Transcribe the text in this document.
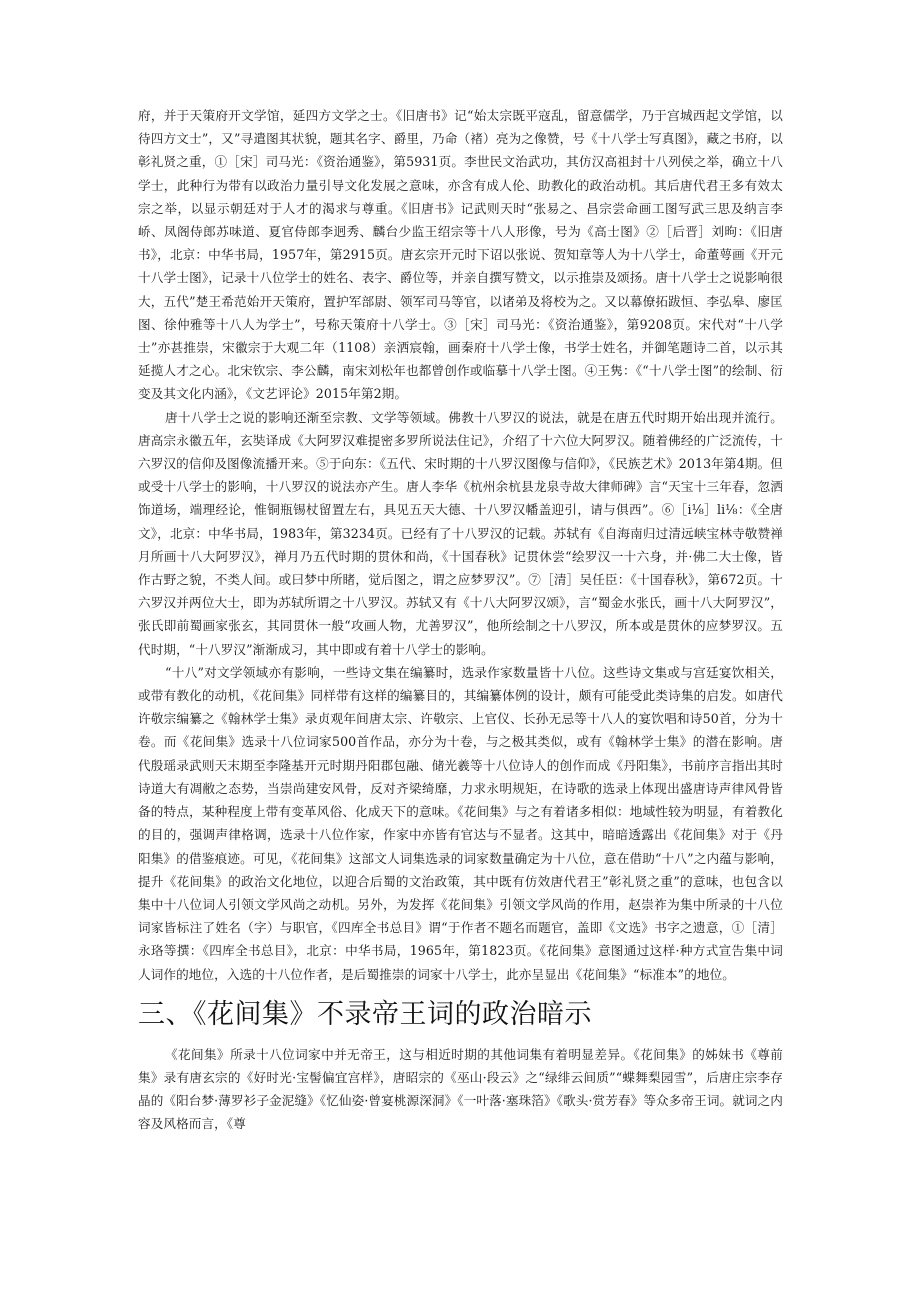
府，并于天策府开文学馆，延四方文学之士。《旧唐书》记“始太宗既平寇乱，留意儒学，乃于宫城西起文学馆，以待四方文士”，又”寻遣图其状貌，题其名字、爵里，乃命（褚）亮为之像赞，号《十八学士写真图》，藏之书府，以彰礼贤之重，①［宋］司马光：《资治通鉴》，第5931页。李世民文治武功，其仿汉高祖封十八列侯之举，确立十八学士，此种行为带有以政治力量引导文化发展之意味，亦含有成人伦、助教化的政治动机。其后唐代君王多有效太宗之举，以显示朝廷对于人才的渴求与尊重。《旧唐书》记武则天时“张易之、昌宗尝命画工图写武三思及纳言李峤、凤阁侍郎苏味道、夏官侍郎李迥秀、麟台少监王绍宗等十八人形像，号为《高士图》②［后晋］刘昫：《旧唐书》，北京：中华书局，1957年，第2915页。唐玄宗开元时下诏以张说、贺知章等人为十八学士，命董萼画《开元十八学士图》，记录十八位学士的姓名、表字、爵位等，并亲自撰写赞文，以示推崇及颂扬。唐十八学士之说影响很大，五代”楚王希范始开天策府，置护军部尉、领军司马等官，以诸弟及将校为之。又以幕僚拓跋恒、李弘皋、廖匡图、徐仲雅等十八人为学士”，号称天策府十八学士。③［宋］司马光：《资治通鉴》，第9208页。宋代对“十八学士”亦甚推崇，宋徽宗于大观二年（1108）亲洒宸翰，画秦府十八学士像，书学士姓名，并御笔题诗二首，以示其延揽人才之心。北宋钦宗、李公麟，南宋刘松年也都曾创作或临摹十八学士图。④王隽：《“十八学士图”的绘制、衍变及其文化内涵》，《文艺评论》2015年第2期。

唐十八学士之说的影响还渐至宗教、文学等领域。佛教十八罗汉的说法，就是在唐五代时期开始出现并流行。唐高宗永徽五年，玄奘译成《大阿罗汉难提密多罗所说法住记》，介绍了十六位大阿罗汉。随着佛经的广泛流传，十六罗汉的信仰及图像流播开来。⑤于向东：《五代、宋时期的十八罗汉图像与信仰》，《民族艺术》2013年第4期。但或受十八学士的影响，十八罗汉的说法亦产生。唐人李华《杭州余杭县龙泉寺故大律师碑》言“天宝十三年春，忽洒饰道场，端理经论，惟铜瓶锡杖留置左右，具见五天大德、十八罗汉幡盖迎引，请与俱西”。⑥［i⅛］li⅛：《全唐文》，北京：中华书局，1983年，第3234页。已经有了十八罗汉的记载。苏轼有《自海南归过清远峡宝林寺敬赞禅月所画十八大阿罗汉》，禅月乃五代时期的贯休和尚，《十国春秋》记贯休尝“绘罗汉一十六身，并·佛二大士像，皆作古野之貌，不类人间。或曰梦中所睹，觉后图之，谓之应梦罗汉”。⑦［清］吴任臣：《十国春秋》，第672页。十六罗汉并两位大士，即为苏轼所谓之十八罗汉。苏轼又有《十八大阿罗汉颂》，言“蜀金水张氏，画十八大阿罗汉”，张氏即前蜀画家张玄，其同贯休一般“攻画人物，尤善罗汉”，他所绘制之十八罗汉，所本或是贯休的应梦罗汉。五代时期，“十八罗汉”渐渐成习，其中即或有着十八学士的影响。

“十八”对文学领域亦有影响，一些诗文集在编纂时，选录作家数量皆十八位。这些诗文集或与宫廷宴饮相关，或带有教化的动机，《花间集》同样带有这样的编纂目的，其编纂体例的设计，颇有可能受此类诗集的启发。如唐代许敬宗编纂之《翰林学士集》录贞观年间唐太宗、许敬宗、上官仪、长孙无忌等十八人的宴饮唱和诗50首，分为十卷。而《花间集》选录十八位词家500首作品，亦分为十卷，与之极其类似，或有《翰林学士集》的潜在影响。唐代殷瑶录武则天末期至李隆基开元时期丹阳郡包融、储光羲等十八位诗人的创作而成《丹阳集》，书前序言指出其时诗道大有凋敝之态势，当崇尚建安风骨，反对齐梁绮靡，力求永明规矩，在诗歌的选录上体现出盛唐诗声律风骨皆备的特点，某种程度上带有变革风俗、化成天下的意味。《花间集》与之有着诸多相似：地域性较为明显，有着教化的目的，强调声律格调，选录十八位作家，作家中亦皆有官达与不显者。这其中，暗暗透露出《花间集》对于《丹阳集》的借鉴痕迹。可见，《花间集》这部文人词集选录的词家数量确定为十八位，意在借助“十八”之内蕴与影响，提升《花间集》的政治文化地位，以迎合后蜀的文治政策，其中既有仿效唐代君王”彰礼贤之重”的意味，也包含以集中十八位词人引领文学风尚之动机。另外，为发挥《花间集》引领文学风尚的作用，赵崇祚为集中所录的十八位词家皆标注了姓名（字）与职官，《四库全书总目》谓“于作者不题名而题官，盖即《文选》书字之遗意，①［清］永珞等撰：《四库全书总目》，北京：中华书局，1965年，第1823页。《花间集》意图通过这样·种方式宣告集中词人词作的地位，入选的十八位作者，是后蜀推崇的词家十八学士，此亦呈显出《花间集》“标准本”的地位。

三、《花间集》不录帝王词的政治暗示

《花间集》所录十八位词家中并无帝王，这与相近时期的其他词集有着明显差异。《花间集》的姊妹书《尊前集》录有唐玄宗的《好时光·宝髻偏宜宫样》，唐昭宗的《巫山·段云》之“绿绯云间质”“蝶舞梨园雪”，后唐庄宗李存晶的《阳台梦·薄罗衫子金泥缝》《忆仙姿·曾宴桃源深洞》《一叶落·塞珠箔》《歌头·赏芳春》等众多帝王词。就词之内容及风格而言，《尊
